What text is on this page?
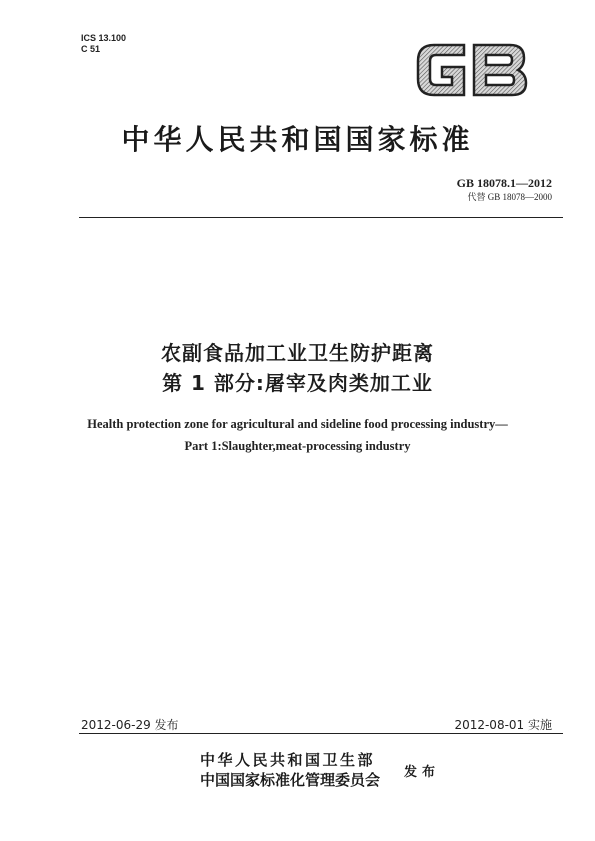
ICS 13.100
C 51
中华人民共和国国家标准
GB 18078.1—2012
代替 GB 18078—2000
农副食品加工业卫生防护距离
第 1 部分:屠宰及肉类加工业
Health protection zone for agricultural and sideline food processing industry—
Part 1:Slaughter,meat-processing industry
2012-06-29 发布	2012-08-01 实施
中华人民共和国卫生部
中国国家标准化管理委员会 发布
